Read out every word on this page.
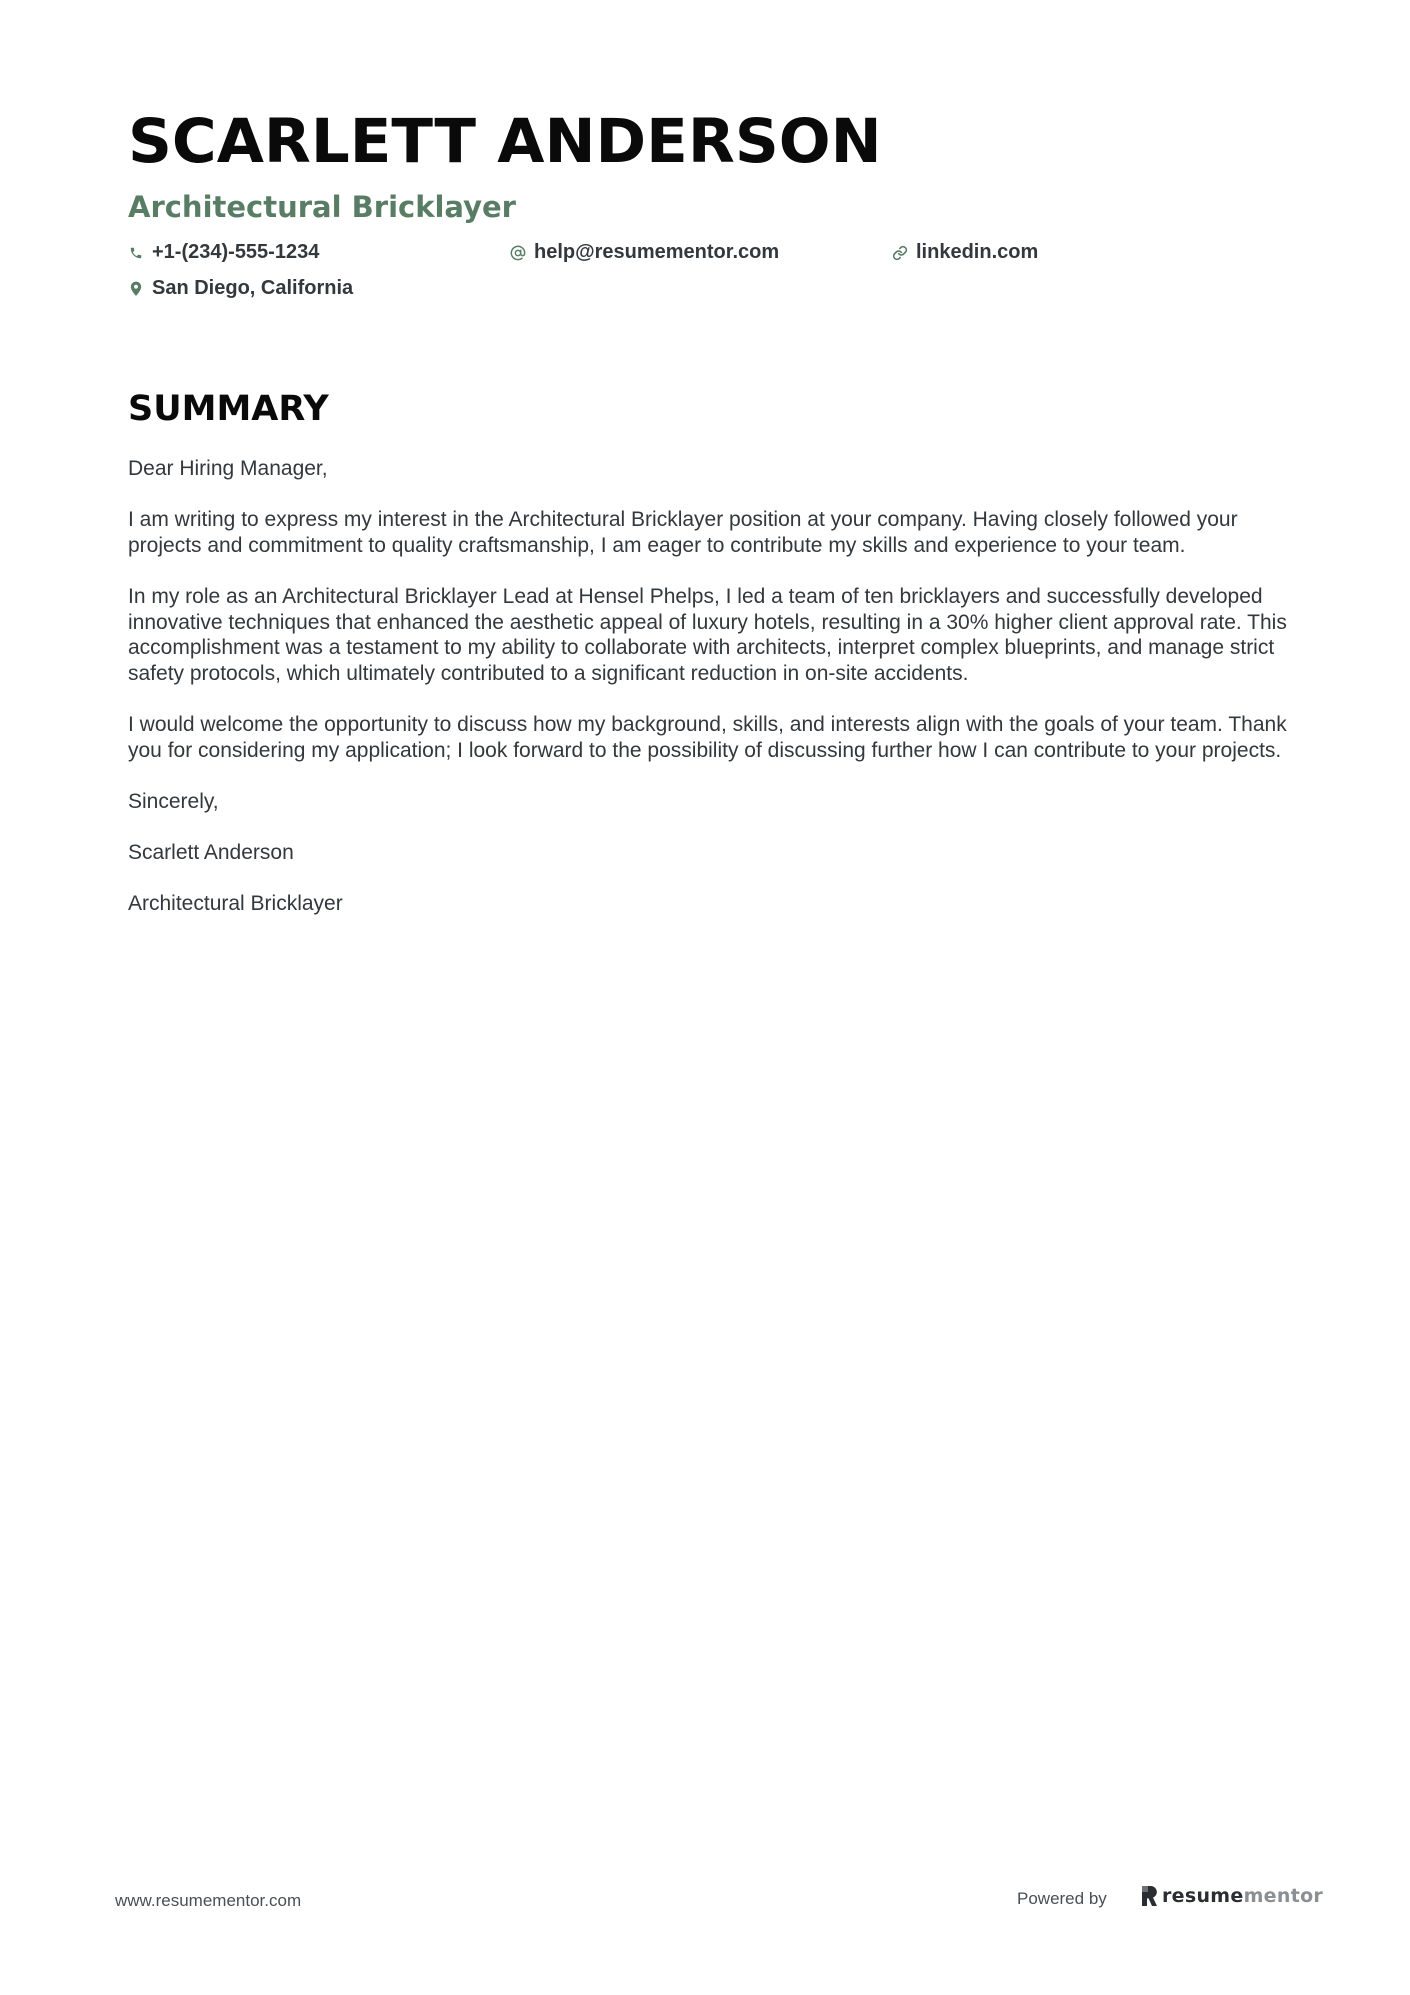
SCARLETT ANDERSON
Architectural Bricklayer
+1-(234)-555-1234	help@resumementor.com	linkedin.com
San Diego, California
SUMMARY

Dear Hiring Manager,

I am writing to express my interest in the Architectural Bricklayer position at your company. Having closely followed your projects and commitment to quality craftsmanship, I am eager to contribute my skills and experience to your team.

In my role as an Architectural Bricklayer Lead at Hensel Phelps, I led a team of ten bricklayers and successfully developed innovative techniques that enhanced the aesthetic appeal of luxury hotels, resulting in a 30% higher client approval rate. This accomplishment was a testament to my ability to collaborate with architects, interpret complex blueprints, and manage strict safety protocols, which ultimately contributed to a significant reduction in on-site accidents.

I would welcome the opportunity to discuss how my background, skills, and interests align with the goals of your team. Thank you for considering my application; I look forward to the possibility of discussing further how I can contribute to your projects.

Sincerely,

Scarlett Anderson

Architectural Bricklayer

www.resumementor.com	Powered by	resumementor
